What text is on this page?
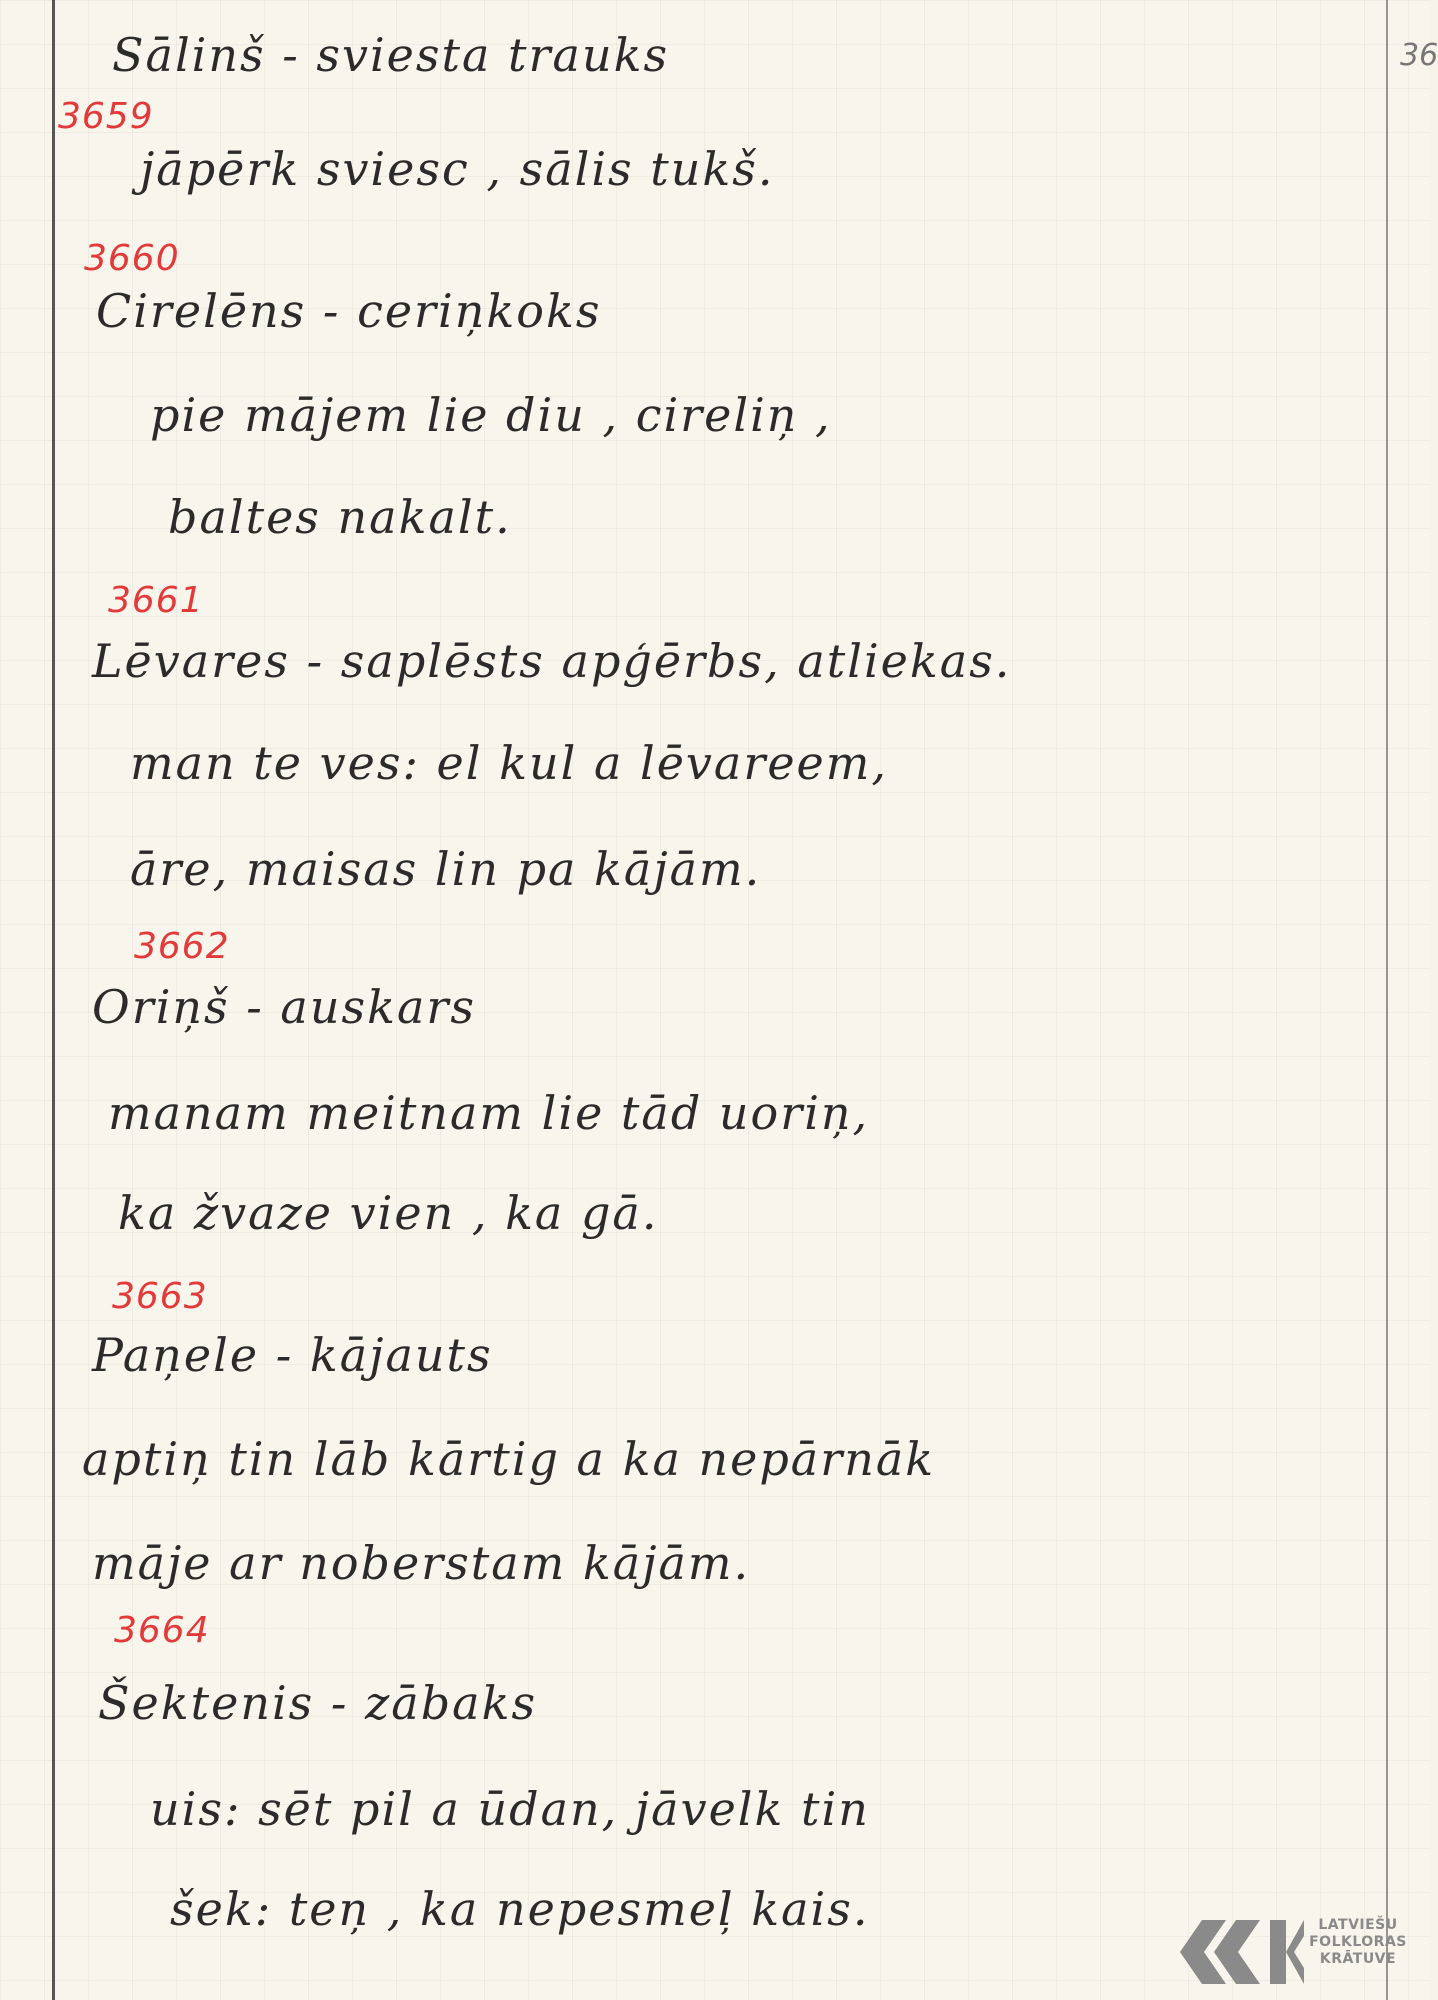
36
Sālinš - sviesta trauks
3659
jāpērk sviesc , sālis tukš.
3660
Cirelēns - ceriņkoks
pie mājem lie diu , cireliņ ,
baltes nakalt.
3661
Lēvares - saplēsts apģērbs, atliekas.
man te ves: el kul a lēvareem,
āre, maisas lin pa kājām.
3662
Oriņš - auskars
manam meitnam lie tād uoriņ,
ka žvaze vien , ka gā.
3663
Paņele - kājauts
aptiņ tin lāb kārtig a ka nepārnāk
māje ar noberstam kājām.
3664
Šektenis - zābaks
uis: sēt pil a ūdan, jāvelk tin
šek: teņ , ka nepesmeļ kais.	LATVIEŠU
FOLKLORAS
KRĀTUVE
